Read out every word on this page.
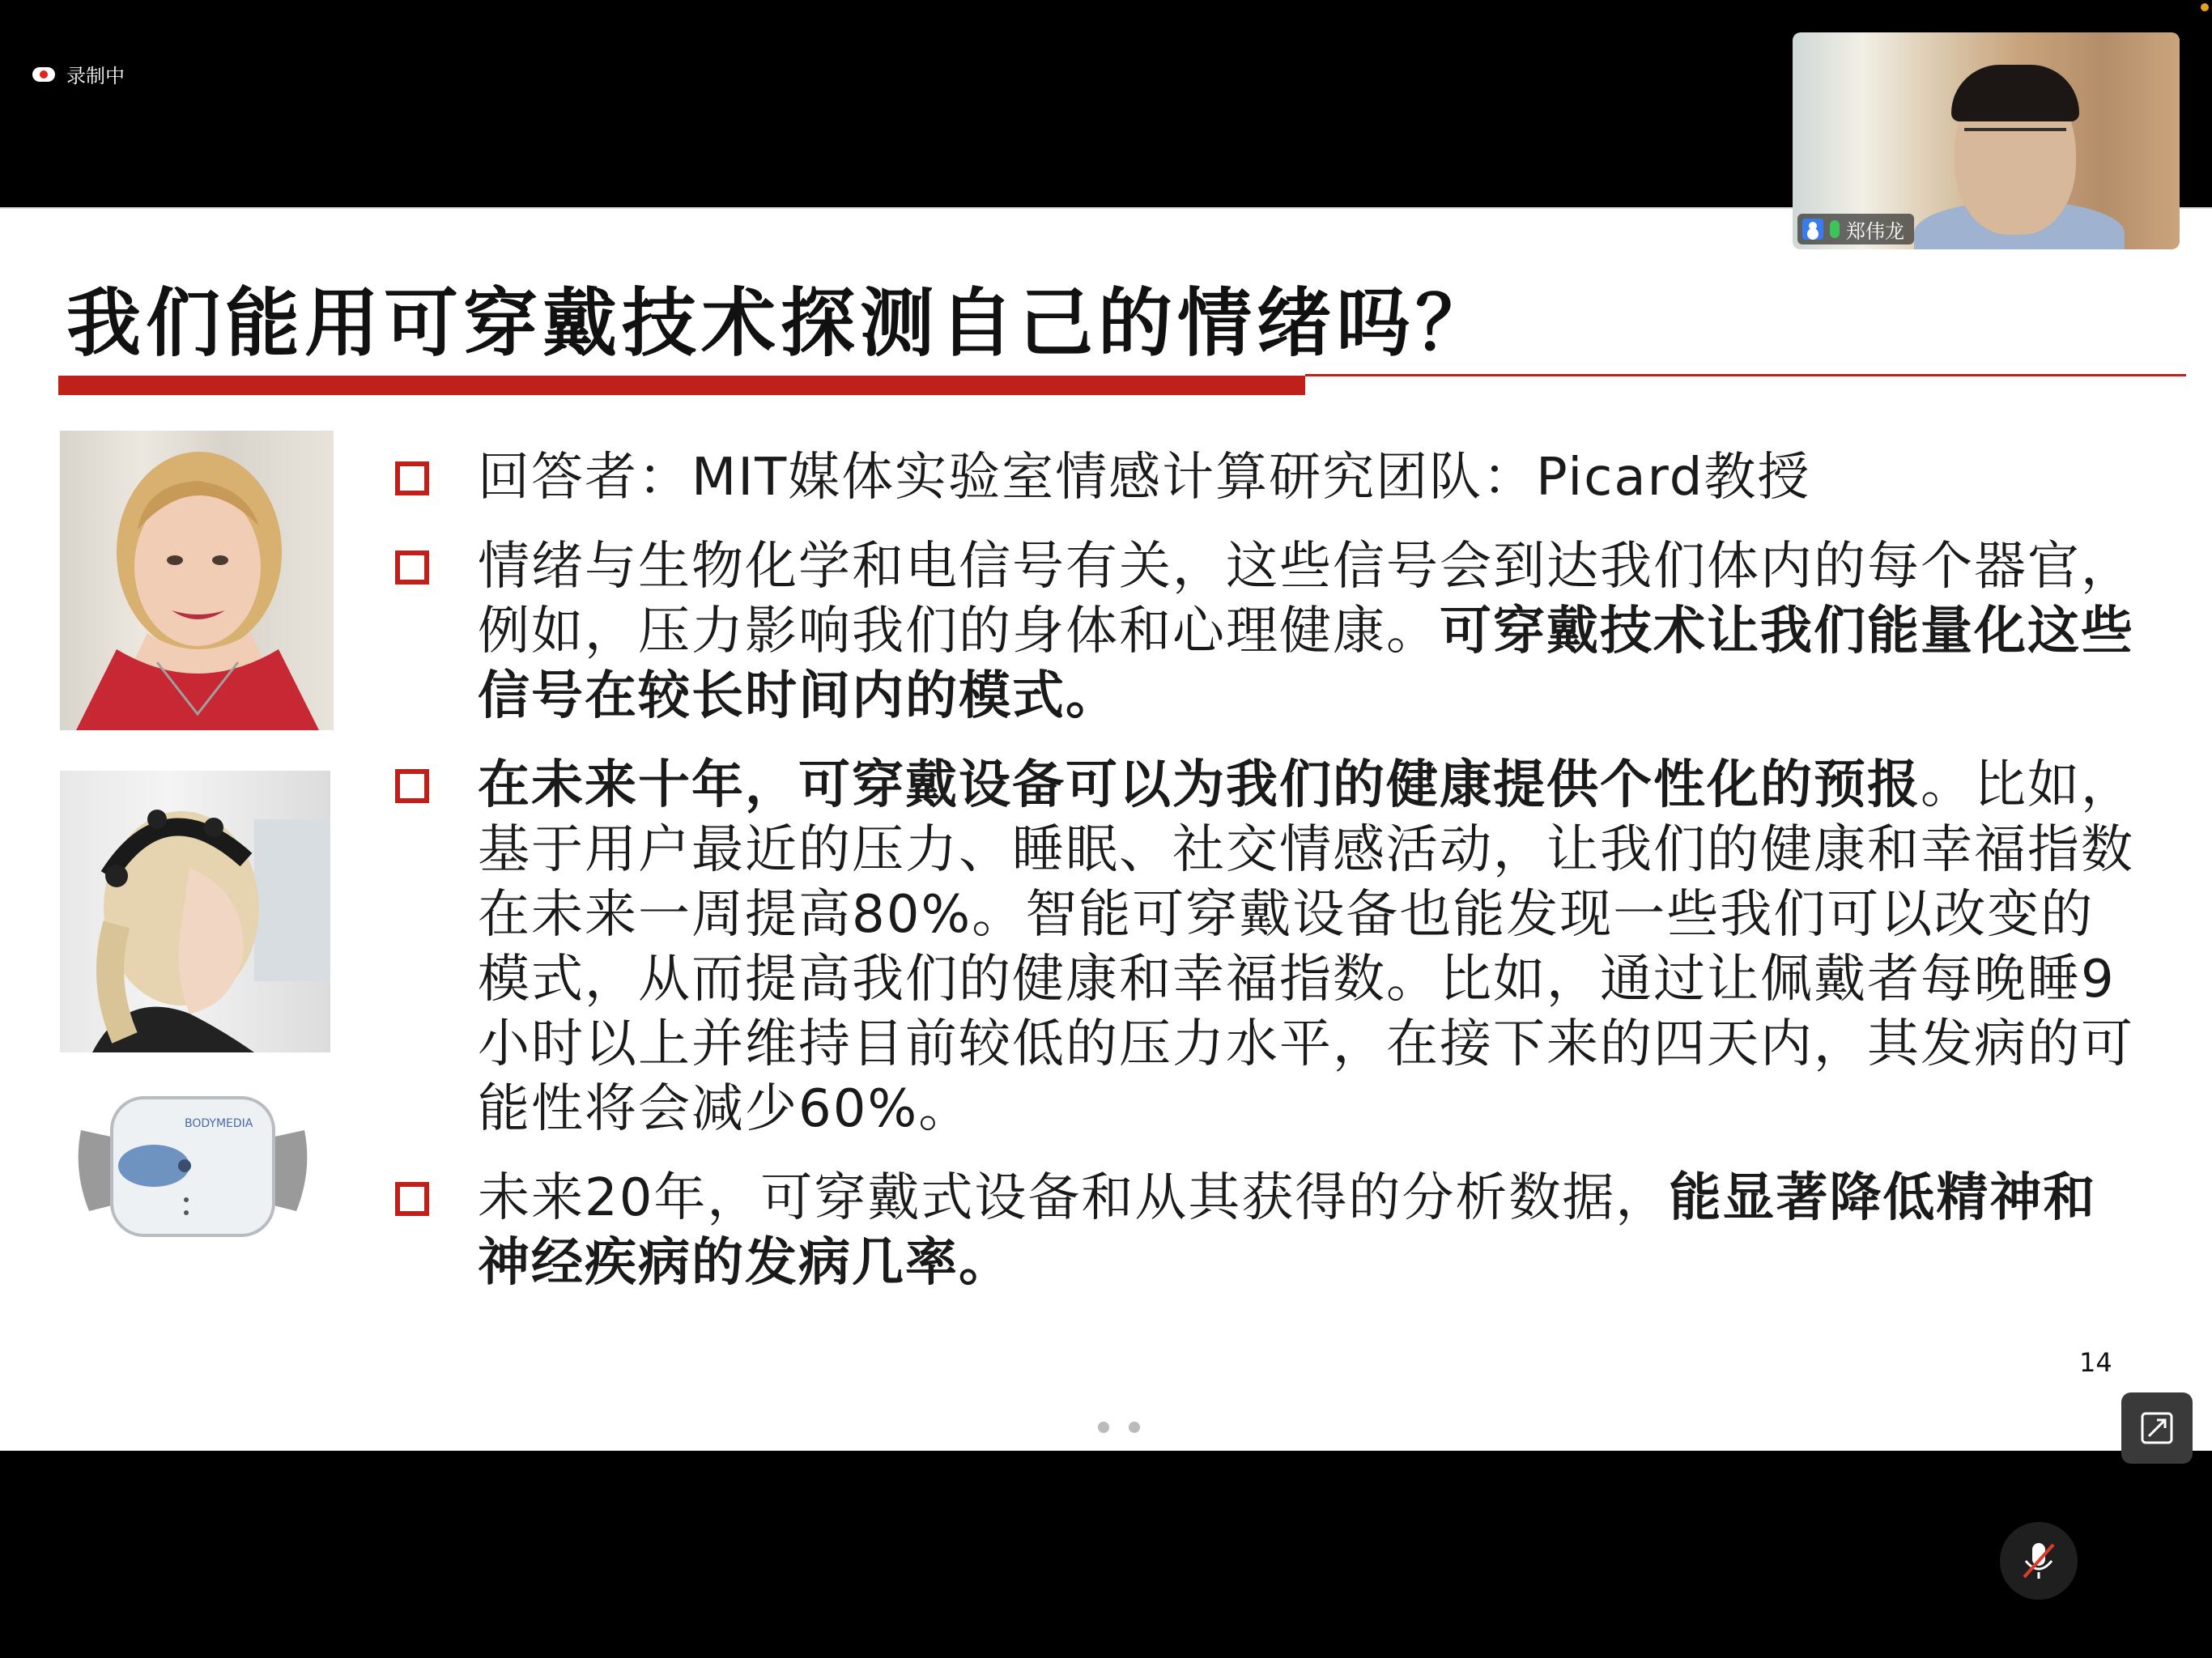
录制中
我们能用可穿戴技术探测自己的情绪吗？
BODYMEDIA
回答者：MIT媒体实验室情感计算研究团队：Picard教授
情绪与生物化学和电信号有关，这些信号会到达我们体内的每个器官，例如，压力影响我们的身体和心理健康。可穿戴技术让我们能量化这些信号在较长时间内的模式。
在未来十年，可穿戴设备可以为我们的健康提供个性化的预报。比如，基于用户最近的压力、睡眠、社交情感活动，让我们的健康和幸福指数在未来一周提高80%。智能可穿戴设备也能发现一些我们可以改变的模式，从而提高我们的健康和幸福指数。比如，通过让佩戴者每晚睡9小时以上并维持目前较低的压力水平，在接下来的四天内，其发病的可能性将会减少60%。
未来20年，可穿戴式设备和从其获得的分析数据，能显著降低精神和神经疾病的发病几率。
14
郑伟龙
